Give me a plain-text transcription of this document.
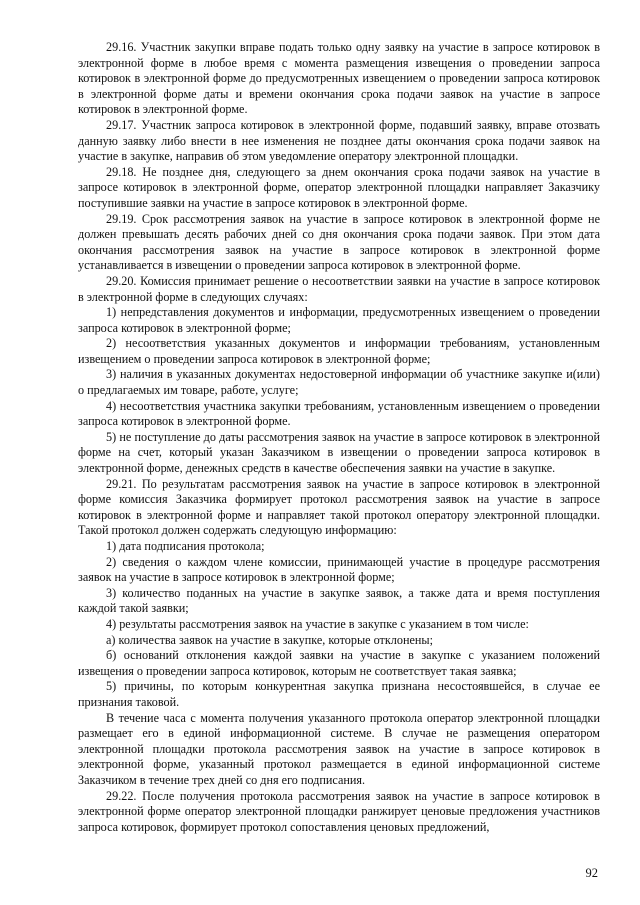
29.16. Участник закупки вправе подать только одну заявку на участие в запросе котировок в электронной форме в любое время с момента размещения извещения о проведении запроса котировок в электронной форме до предусмотренных извещением о проведении запроса котировок в электронной форме даты и времени окончания срока подачи заявок на участие в запросе котировок в электронной форме.

29.17. Участник запроса котировок в электронной форме, подавший заявку, вправе отозвать данную заявку либо внести в нее изменения не позднее даты окончания срока подачи заявок на участие в закупке, направив об этом уведомление оператору электронной площадки.

29.18. Не позднее дня, следующего за днем окончания срока подачи заявок на участие в запросе котировок в электронной форме, оператор электронной площадки направляет Заказчику поступившие заявки на участие в запросе котировок в электронной форме.

29.19. Срок рассмотрения заявок на участие в запросе котировок в электронной форме не должен превышать десять рабочих дней со дня окончания срока подачи заявок. При этом дата окончания рассмотрения заявок на участие в запросе котировок в электронной форме устанавливается в извещении о проведении запроса котировок в электронной форме.

29.20. Комиссия принимает решение о несоответствии заявки на участие в запросе котировок в электронной форме в следующих случаях:

1) непредставления документов и информации, предусмотренных извещением о проведении запроса котировок в электронной форме;

2) несоответствия указанных документов и информации требованиям, установленным извещением о проведении запроса котировок в электронной форме;

3) наличия в указанных документах недостоверной информации об участнике закупке и(или) о предлагаемых им товаре, работе, услуге;

4) несоответствия участника закупки требованиям, установленным извещением о проведении запроса котировок в электронной форме.

5) не поступление до даты рассмотрения заявок на участие в запросе котировок в электронной форме на счет, который указан Заказчиком в извещении о проведении запроса котировок в электронной форме, денежных средств в качестве обеспечения заявки на участие в закупке.

29.21. По результатам рассмотрения заявок на участие в запросе котировок в электронной форме комиссия Заказчика формирует протокол рассмотрения заявок на участие в запросе котировок в электронной форме и направляет такой протокол оператору электронной площадки. Такой протокол должен содержать следующую информацию:

1) дата подписания протокола;

2) сведения о каждом члене комиссии, принимающей участие в процедуре рассмотрения заявок на участие в запросе котировок в электронной форме;

3) количество поданных на участие в закупке заявок, а также дата и время поступления каждой такой заявки;

4) результаты рассмотрения заявок на участие в закупке с указанием в том числе:

а) количества заявок на участие в закупке, которые отклонены;

б) оснований отклонения каждой заявки на участие в закупке с указанием положений извещения о проведении запроса котировок, которым не соответствует такая заявка;

5) причины, по которым конкурентная закупка признана несостоявшейся, в случае ее признания таковой.

В течение часа с момента получения указанного протокола оператор электронной площадки размещает его в единой информационной системе. В случае не размещения оператором электронной площадки протокола рассмотрения заявок на участие в запросе котировок в электронной форме, указанный протокол размещается в единой информационной системе Заказчиком в течение трех дней со дня его подписания.

29.22. После получения протокола рассмотрения заявок на участие в запросе котировок в электронной форме оператор электронной площадки ранжирует ценовые предложения участников запроса котировок, формирует протокол сопоставления ценовых предложений,

92
